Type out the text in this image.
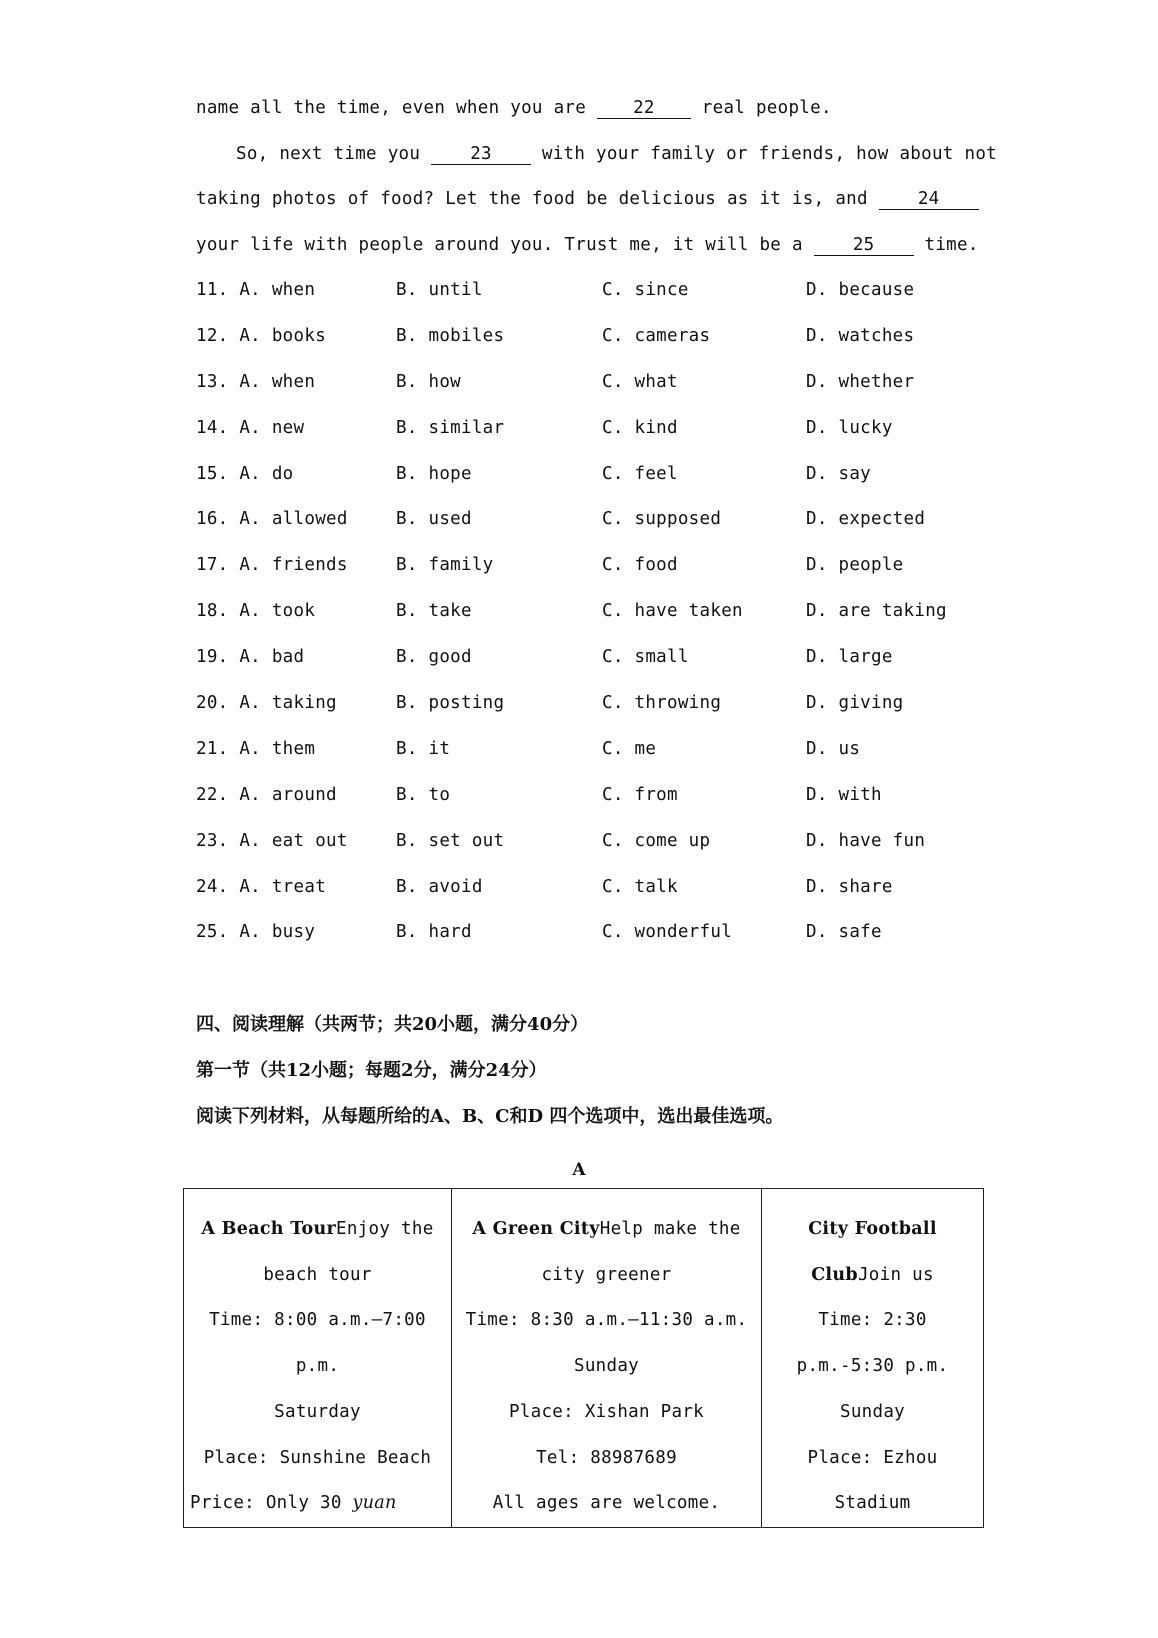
name all the time, even when you are 22 real people.
So, next time you 23 with your family or friends, how about not
taking photos of food? Let the food be delicious as it is, and 24
your life with people around you. Trust me, it will be a 25 time.
11. A. when	B. until	C. since	D. because
12. A. books	B. mobiles	C. cameras	D. watches
13. A. when	B. how	C. what	D. whether
14. A. new	B. similar	C. kind	D. lucky
15. A. do	B. hope	C. feel	D. say
16. A. allowed	B. used	C. supposed	D. expected
17. A. friends	B. family	C. food	D. people
18. A. took	B. take	C. have taken	D. are taking
19. A. bad	B. good	C. small	D. large
20. A. taking	B. posting	C. throwing	D. giving
21. A. them	B. it	C. me	D. us
22. A. around	B. to	C. from	D. with
23. A. eat out	B. set out	C. come up	D. have fun
24. A. treat	B. avoid	C. talk	D. share
25. A. busy	B. hard	C. wonderful	D. safe
四、阅读理解（共两节；共20小题，满分40分）
第一节（共12小题；每题2分，满分24分）
阅读下列材料，从每题所给的A、B、C和D 四个选项中，选出最佳选项。
A
A Beach TourEnjoy the beach tour
Time: 8:00 a.m.—7:00 p.m.
Saturday
Place: Sunshine Beach
Price: Only 30 yuan

A Green CityHelp make the city greener
Time: 8:30 a.m.—11:30 a.m.
Sunday
Place: Xishan Park
Tel: 88987689
All ages are welcome.

City Football ClubJoin us
Time: 2:30 p.m.-5:30 p.m.
Sunday
Place: Ezhou Stadium
